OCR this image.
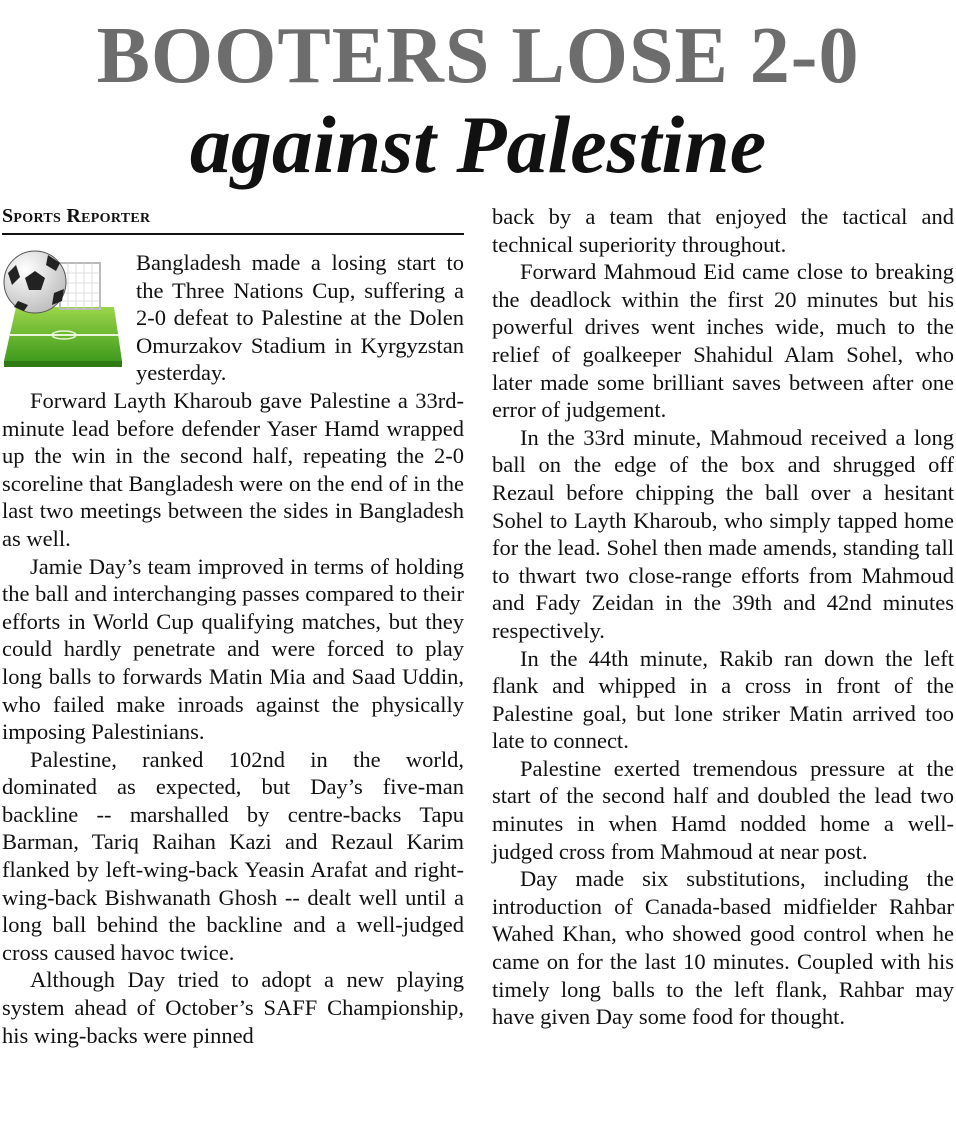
BOOTERS LOSE 2-0
against Palestine
Sports Reporter

Bangladesh made a losing start to the Three Nations Cup, suffering a 2-0 defeat to Palestine at the Dolen Omurzakov Stadium in Kyrgyzstan yesterday.

Forward Layth Kharoub gave Palestine a 33rd-minute lead before defender Yaser Hamd wrapped up the win in the second half, repeating the 2-0 scoreline that Bangladesh were on the end of in the last two meetings between the sides in Bangladesh as well.

Jamie Day’s team improved in terms of holding the ball and interchanging passes compared to their efforts in World Cup qualifying matches, but they could hardly penetrate and were forced to play long balls to forwards Matin Mia and Saad Uddin, who failed make inroads against the physically imposing Palestinians.

Palestine, ranked 102nd in the world, dominated as expected, but Day’s five-man backline -- marshalled by centre-backs Tapu Barman, Tariq Raihan Kazi and Rezaul Karim flanked by left-wing-back Yeasin Arafat and right-wing-back Bishwanath Ghosh -- dealt well until a long ball behind the backline and a well-judged cross caused havoc twice.

Although Day tried to adopt a new playing system ahead of October’s SAFF Championship, his wing-backs were pinned

back by a team that enjoyed the tactical and technical superiority throughout.

Forward Mahmoud Eid came close to breaking the deadlock within the first 20 minutes but his powerful drives went inches wide, much to the relief of goalkeeper Shahidul Alam Sohel, who later made some brilliant saves between after one error of judgement.

In the 33rd minute, Mahmoud received a long ball on the edge of the box and shrugged off Rezaul before chipping the ball over a hesitant Sohel to Layth Kharoub, who simply tapped home for the lead. Sohel then made amends, standing tall to thwart two close-range efforts from Mahmoud and Fady Zeidan in the 39th and 42nd minutes respectively.

In the 44th minute, Rakib ran down the left flank and whipped in a cross in front of the Palestine goal, but lone striker Matin arrived too late to connect.

Palestine exerted tremendous pressure at the start of the second half and doubled the lead two minutes in when Hamd nodded home a well-judged cross from Mahmoud at near post.

Day made six substitutions, including the introduction of Canada-based midfielder Rahbar Wahed Khan, who showed good control when he came on for the last 10 minutes. Coupled with his timely long balls to the left flank, Rahbar may have given Day some food for thought.
